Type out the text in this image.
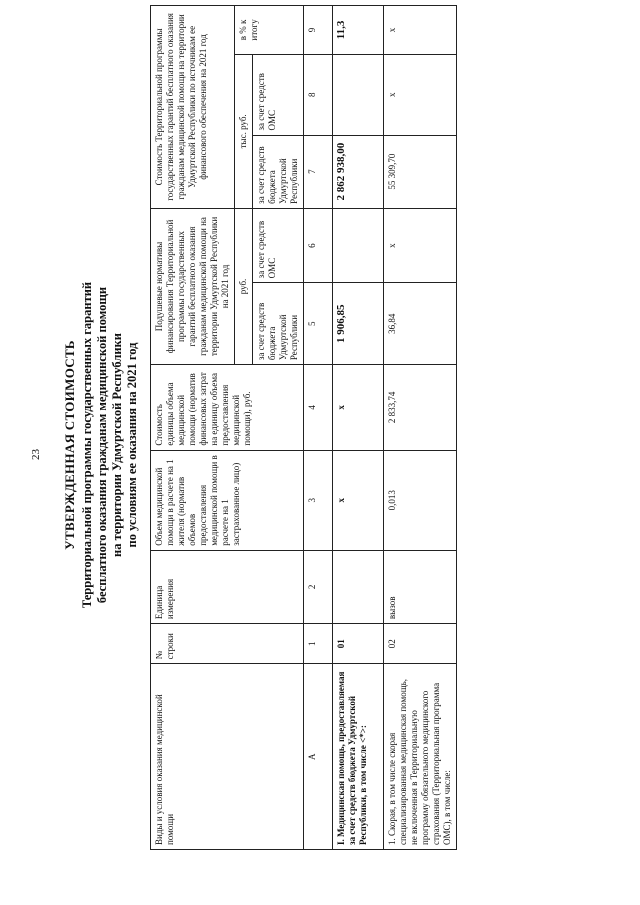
23 УТВЕРЖДЕННАЯ СТОИМОСТЬ Территориальной программы государственных гарантий бесплатного оказания гражданам медицинской помощи на территории Удмуртской Республики по условиям ее оказания на 2021 год
Виды и условия оказания медицинской помощи	№ строки	Единица измерения	Объем медицинской помощи в расчете на 1 жителя (норматив объемов предоставления медицинской помощи в расчете на 1 застрахованное лицо)	Стоимость единицы объема медицинской помощи (норматив финансовых затрат на единицу объема предоставления медицинской помощи), руб.	Подушевые нормативы финансирования Территориальной программы государственных гарантий бесплатного оказания гражданам медицинской помощи на территории Удмуртской Республики на 2021 год		Стоимость Территориальной программы государственных гарантий бесплатного оказания гражданам медицинской помощи на территории Удмуртской Республики по источникам ее финансового обеспечения на 2021 год		
					руб.		тыс. руб.		в % к итогу
					за счет средств бюджета Удмуртской Республики	за счет средств ОМС	за счет средств бюджета Удмуртской Республики	за счет средств ОМС	
А	1	2	3	4	5	6	7	8	9
I. Медицинская помощь, предоставляемая за счет средств бюджета Удмуртской Республики, в том числе <*>:	01		х	х	1 906,85		2 862 938,00		11,3
1. Скорая, в том числе скорая специализированная медицинская помощь, не включенная в Территориальную программу обязательного медицинского страхования (Территориальная программа ОМС), в том числе:	02	вызов	0,013	2 833,74	36,84	х	55 309,70	х	х
